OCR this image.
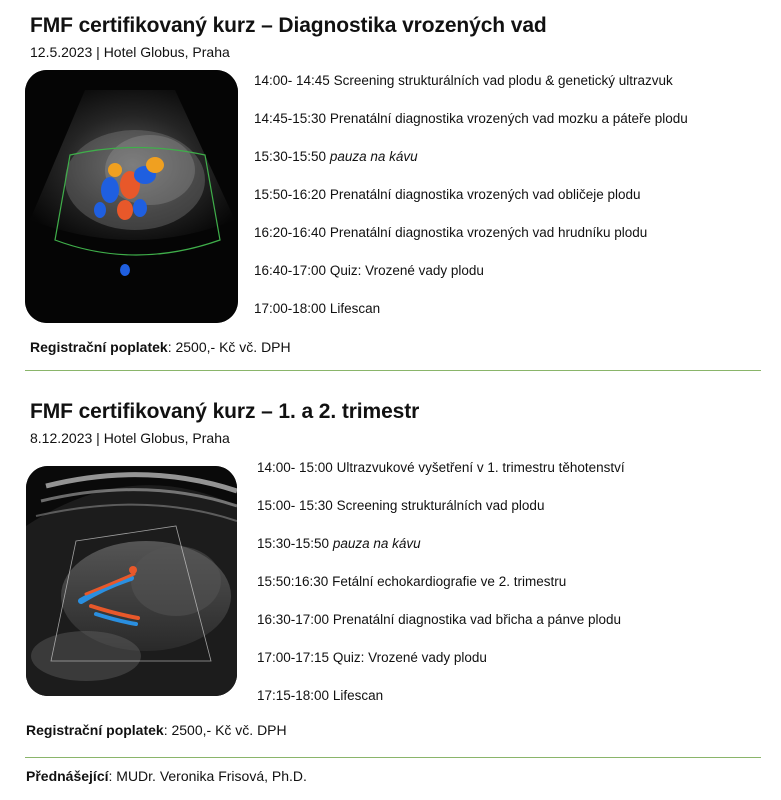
FMF certifikovaný kurz – Diagnostika vrozených vad
12.5.2023 | Hotel Globus, Praha
14:00- 14:45 Screening strukturálních vad plodu & genetický ultrazvuk
14:45-15:30 Prenatální diagnostika vrozených vad mozku a páteře plodu
15:30-15:50 pauza na kávu
15:50-16:20 Prenatální diagnostika vrozených vad obličeje plodu
16:20-16:40 Prenatální diagnostika vrozených vad hrudníku plodu
16:40-17:00 Quiz: Vrozené vady plodu
17:00-18:00 Lifescan
Registrační poplatek: 2500,- Kč vč. DPH
FMF certifikovaný kurz – 1. a 2. trimestr
8.12.2023 | Hotel Globus, Praha
14:00- 15:00 Ultrazvukové vyšetření v 1. trimestru těhotenství
15:00- 15:30 Screening strukturálních vad plodu
15:30-15:50 pauza na kávu
15:50:16:30 Fetální echokardiografie ve 2. trimestru
16:30-17:00 Prenatální diagnostika vad břicha a pánve plodu
17:00-17:15 Quiz: Vrozené vady plodu
17:15-18:00 Lifescan
Registrační poplatek: 2500,- Kč vč. DPH
Přednášející: MUDr. Veronika Frisová, Ph.D.
